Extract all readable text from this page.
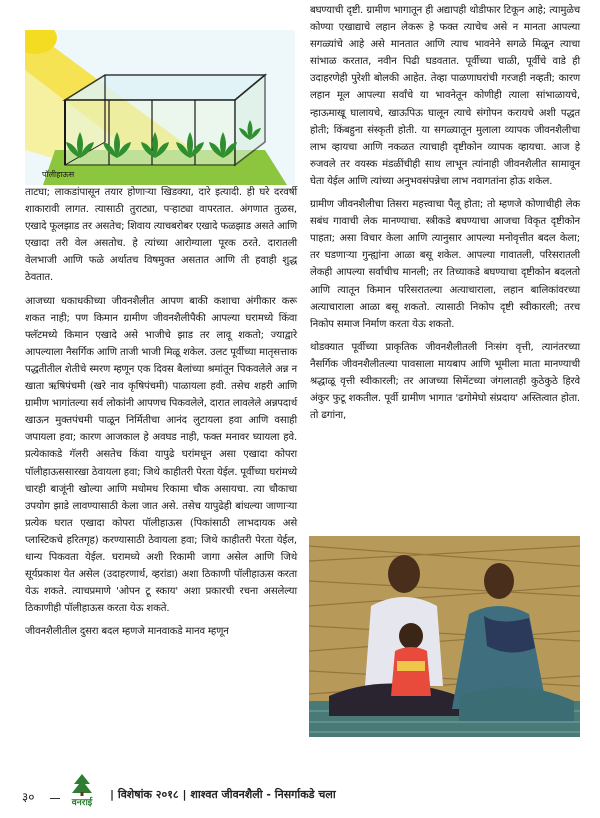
पॉलीहाऊस

ताटघा; लाकडांपासून तयार होणाऱ्या खिडक्या, दारे इत्यादी. ही घरे दरवर्षी शाकारावी लागत. त्यासाठी तुराट्या, पऱ्हाट्या वापरतात. अंगणात तुळस, एखादे फूलझाड तर असतेच; शिवाय त्याचबरोबर एखादे फळझाड असते आणि एखादा तरी वेल असतोच. हे त्यांच्या आरोग्याला पूरक ठरते. दारातली वेलभाजी आणि फळे अर्थातच विषमुक्त असतात आणि ती हवाही शुद्ध ठेवतात.

आजच्या धकाधकीच्या जीवनशैलीत आपण बाकी कशाचा अंगीकार करू शकत नाही; पण किमान ग्रामीण जीवनशैलीपैकी आपल्या घरामध्ये किंवा फ्लॅटमध्ये किमान एखादे असे भाजीचे झाड तर लावू शकतो; ज्याद्वारे आपल्याला नैसर्गिक आणि ताजी भाजी मिळू शकेल. उलट पूर्वीच्या मातृसत्ताक पद्धतीतील शेतीचे स्मरण म्हणून एक दिवस बैलांच्या श्रमांतून पिकवलेले अन्न न खाता ऋषिपंचमी (खरे नाव कृषिपंचमी) पाळायला हवी. तसेच शहरी आणि ग्रामीण भागांतल्या सर्व लोकांनी आपणच पिकवलेले, दारात लावलेले अन्नपदार्थ खाऊन मुक्तपंचमी पाळून निर्मितीचा आनंद लुटायला हवा आणि वसाही जपायला हवा; कारण आजकाल हे अवघड नाही, फक्त मनावर घ्यायला हवे. प्रत्येकाकडे गॅलरी असतेच किंवा यापुढे घरांमधून असा एखादा कोपरा पॉलीहाऊससारखा ठेवायला हवा; जिथे काहीतरी पेरता येईल. पूर्वीच्या घरांमध्ये चारही बाजूंनी खोल्या आणि मधोमध रिकामा चौक असायचा. त्या चौकाचा उपयोग झाडे लावण्यासाठी केला जात असे. तसेच यापुढेही बांधल्या जाणाऱ्या प्रत्येक घरात एखादा कोपरा पॉलीहाऊस (पिकांसाठी लाभदायक असे प्लास्टिकचे हरितगृह) करण्यासाठी ठेवायला हवा; जिथे काहीतरी पेरता येईल, धान्य पिकवता येईल. घरामध्ये अशी रिकामी जागा असेल आणि जिथे सूर्यप्रकाश येत असेल (उदाहरणार्थ, व्हरांडा) अशा ठिकाणी पॉलीहाऊस करता येऊ शकते. त्याचप्रमाणे 'ओपन टू स्काय' अशा प्रकारची रचना असलेल्या ठिकाणीही पॉलीहाऊस करता येऊ शकते.

जीवनशैलीतील दुसरा बदल म्हणजे मानवाकडे मानव म्हणून

बघण्याची दृष्टी. ग्रामीण भागातून ही अद्यापही थोडीफार टिकून आहे; त्यामुळेच कोण्या एखाद्याचे लहान लेकरू हे फक्त त्याचेच असे न मानता आपल्या सगळ्यांचे आहे असे मानतात आणि त्याच भावनेने सगळे मिळून त्याचा सांभाळ करतात, नवीन पिढी घडवतात. पूर्वीच्या चाळी, पूर्वीचे वाडे ही उदाहरणेही पुरेशी बोलकी आहेत. तेव्हा पाळणाघरांची गरजही नव्हती; कारण लहान मूल आपल्या सर्वांचे या भावनेतून कोणीही त्याला सांभाळायचे, न्हाऊमाखू घालायचे, खाऊपिऊ घालून त्याचे संगोपन करायचे अशी पद्धत होती; किंबहुना संस्कृती होती. या सगळ्यातून मुलाला व्यापक जीवनशैलीचा लाभ व्हायचा आणि नकळत त्याचाही दृष्टीकोन व्यापक व्हायचा. आज हे रुजवले तर वयस्क मंडळींचीही साथ लाभून त्यांनाही जीवनशैलीत सामावून घेता येईल आणि त्यांच्या अनुभवसंपन्नेचा लाभ नवागतांना होऊ शकेल.

ग्रामीण जीवनशैलीचा तिसरा महत्त्वाचा पैलू होता; तो म्हणजे कोणाचीही लेक सबंध गावाची लेक मानण्याचा. स्त्रीकडे बघण्याचा आजचा विकृत दृष्टीकोन पाहता; असा विचार केला आणि त्यानुसार आपल्या मनोवृत्तीत बदल केला; तर घडणाऱ्या गुन्ह्यांना आळा बसू शकेल. आपल्या गावातली, परिसरातली लेकही आपल्या सर्वांचीच मानली; तर तिच्याकडे बघण्याचा दृष्टीकोन बदलतो आणि त्यातून किमान परिसरातल्या अत्याचाराला, लहान बालिकांवरच्या अत्याचाराला आळा बसू शकतो. त्यासाठी निकोप दृष्टी स्वीकारली; तरच निकोप समाज निर्माण करता येऊ शकतो.

थोडक्यात पूर्वीच्या प्राकृतिक जीवनशैलीतली निःसंग वृत्ती, त्यानंतरच्या नैसर्गिक जीवनशैलीतल्या पावसाला मायबाप आणि भूमीला माता मानण्याची श्रद्धाळू वृत्ती स्वीकारली; तर आजच्या सिमेंटच्या जंगलातही कुठेकुठे हिरवे अंकुर फुटू शकतील. पूर्वी ग्रामीण भागात 'ढगोमेघो संप्रदाय' अस्तित्वात होता. तो ढगांना,

३०	वनराई
| विशेषांक २०१८ | शाश्वत जीवनशैली - निसर्गाकडे चला
